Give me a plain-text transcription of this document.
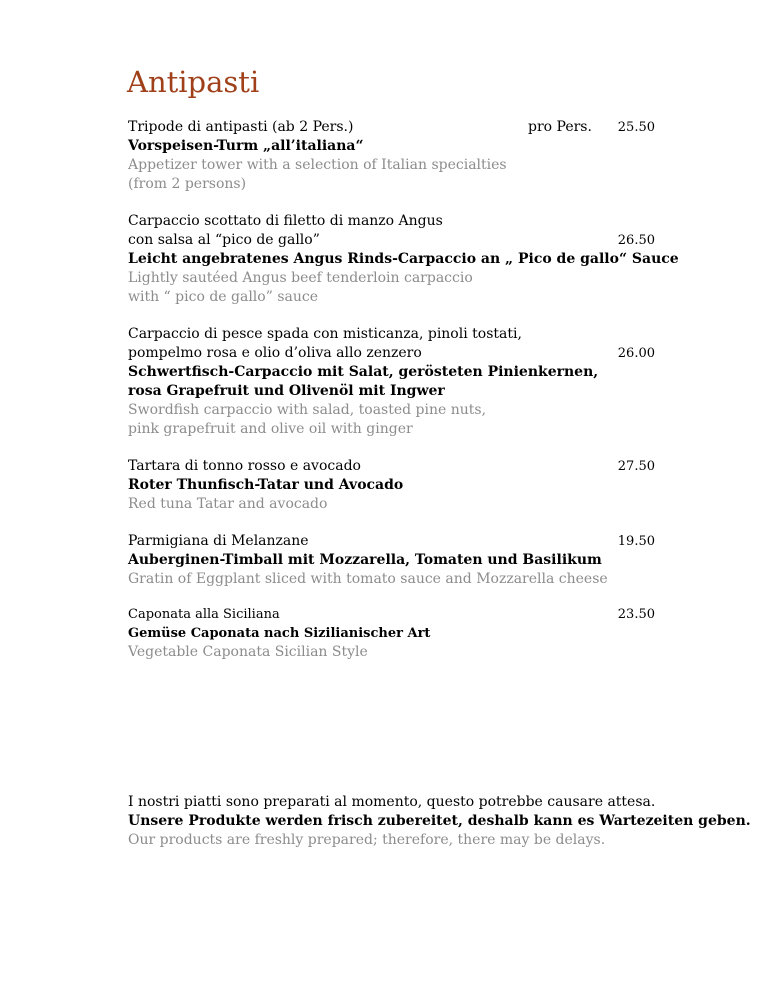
Antipasti
Tripode di antipasti (ab 2 Pers.)	pro Pers. 25.50
Vorspeisen-Turm „all’italiana“
Appetizer tower with a selection of Italian specialties
(from 2 persons)
Carpaccio scottato di filetto di manzo Angus
con salsa al “pico de gallo”	26.50
Leicht angebratenes Angus Rinds-Carpaccio an „ Pico de gallo“ Sauce
Lightly sautéed Angus beef tenderloin carpaccio
with “ pico de gallo” sauce
Carpaccio di pesce spada con misticanza, pinoli tostati,
pompelmo rosa e olio d’oliva allo zenzero	26.00
Schwertfisch-Carpaccio mit Salat, gerösteten Pinienkernen,
rosa Grapefruit und Olivenöl mit Ingwer
Swordfish carpaccio with salad, toasted pine nuts,
pink grapefruit and olive oil with ginger
Tartara di tonno rosso e avocado	27.50
Roter Thunfisch-Tatar und Avocado
Red tuna Tatar and avocado
Parmigiana di Melanzane	19.50
Auberginen-Timball mit Mozzarella, Tomaten und Basilikum
Gratin of Eggplant sliced with tomato sauce and Mozzarella cheese
Caponata alla Siciliana	23.50
Gemüse Caponata nach Sizilianischer Art
Vegetable Caponata Sicilian Style
I nostri piatti sono preparati al momento, questo potrebbe causare attesa.
Unsere Produkte werden frisch zubereitet, deshalb kann es Wartezeiten geben.
Our products are freshly prepared; therefore, there may be delays.
